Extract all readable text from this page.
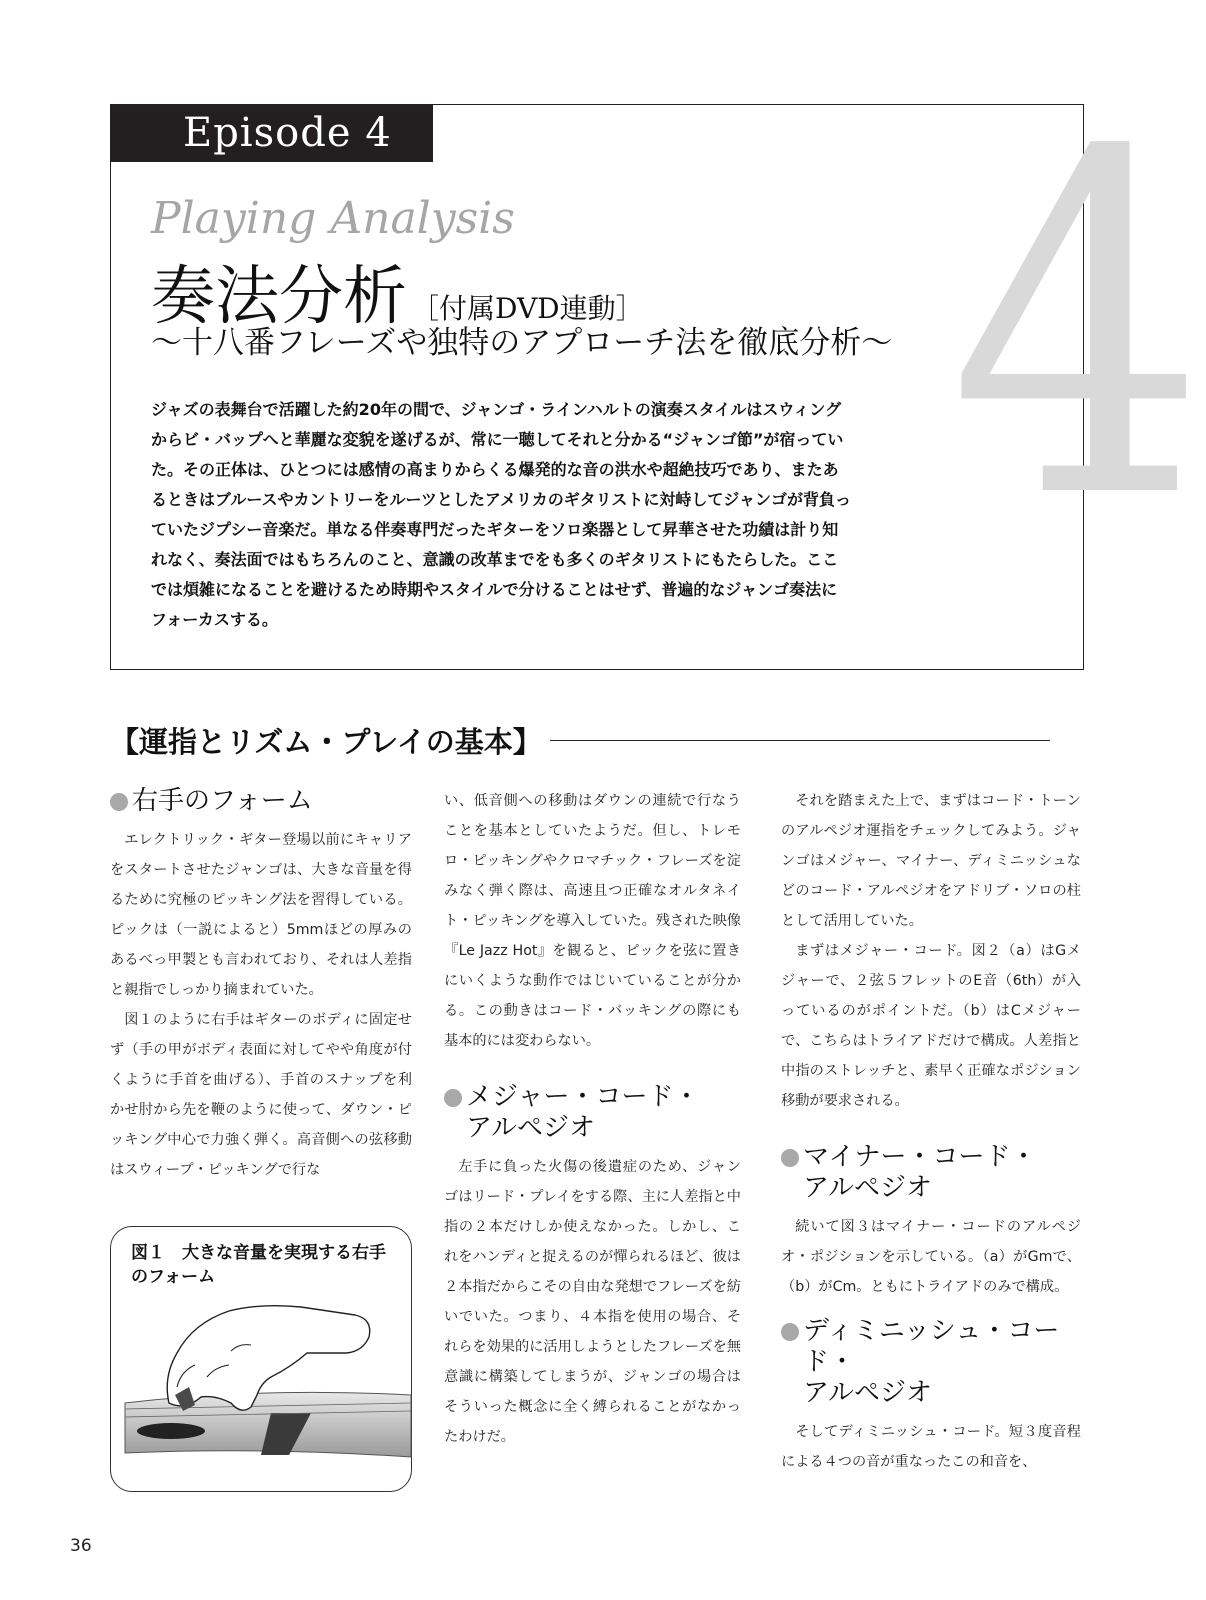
4
Episode 4
Playing Analysis
奏法分析 ［付属DVD連動］
～十八番フレーズや独特のアプローチ法を徹底分析～

ジャズの表舞台で活躍した約20年の間で、ジャンゴ・ラインハルトの演奏スタイルはスウィングからビ・バップへと華麗な変貌を遂げるが、常に一聴してそれと分かる“ジャンゴ節”が宿っていた。その正体は、ひとつには感情の高まりからくる爆発的な音の洪水や超絶技巧であり、またあるときはブルースやカントリーをルーツとしたアメリカのギタリストに対峙してジャンゴが背負っていたジプシー音楽だ。単なる伴奏専門だったギターをソロ楽器として昇華させた功績は計り知れなく、奏法面ではもちろんのこと、意識の改革までをも多くのギタリストにもたらした。ここでは煩雑になることを避けるため時期やスタイルで分けることはせず、普遍的なジャンゴ奏法にフォーカスする。

【運指とリズム・プレイの基本】
右手のフォーム

エレクトリック・ギター登場以前にキャリアをスタートさせたジャンゴは、大きな音量を得るために究極のピッキング法を習得している。ピックは（一説によると）5mmほどの厚みのあるべっ甲製とも言われており、それは人差指と親指でしっかり摘まれていた。

図１のように右手はギターのボディに固定せず（手の甲がボディ表面に対してやや角度が付くように手首を曲げる）、手首のスナップを利かせ肘から先を鞭のように使って、ダウン・ピッキング中心で力強く弾く。高音側への弦移動はスウィープ・ピッキングで行な

図１　大きな音量を実現する右手のフォーム

い、低音側への移動はダウンの連続で行なうことを基本としていたようだ。但し、トレモロ・ピッキングやクロマチック・フレーズを淀みなく弾く際は、高速且つ正確なオルタネイト・ピッキングを導入していた。残された映像『Le Jazz Hot』を観ると、ピックを弦に置きにいくような動作ではじいていることが分かる。この動きはコード・バッキングの際にも基本的には変わらない。

メジャー・コード・
アルペジオ

左手に負った火傷の後遺症のため、ジャンゴはリード・プレイをする際、主に人差指と中指の２本だけしか使えなかった。しかし、これをハンディと捉えるのが憚られるほど、彼は２本指だからこその自由な発想でフレーズを紡いでいた。つまり、４本指を使用の場合、それらを効果的に活用しようとしたフレーズを無意識に構築してしまうが、ジャンゴの場合はそういった概念に全く縛られることがなかったわけだ。

それを踏まえた上で、まずはコード・トーンのアルペジオ運指をチェックしてみよう。ジャンゴはメジャー、マイナー、ディミニッシュなどのコード・アルペジオをアドリブ・ソロの柱として活用していた。

まずはメジャー・コード。図２（a）はGメジャーで、２弦５フレットのE音（6th）が入っているのがポイントだ。（b）はCメジャーで、こちらはトライアドだけで構成。人差指と中指のストレッチと、素早く正確なポジション移動が要求される。

マイナー・コード・
アルペジオ

続いて図３はマイナー・コードのアルペジオ・ポジションを示している。（a）がGmで、（b）がCm。ともにトライアドのみで構成。

ディミニッシュ・コード・
アルペジオ

そしてディミニッシュ・コード。短３度音程による４つの音が重なったこの和音を、

36
